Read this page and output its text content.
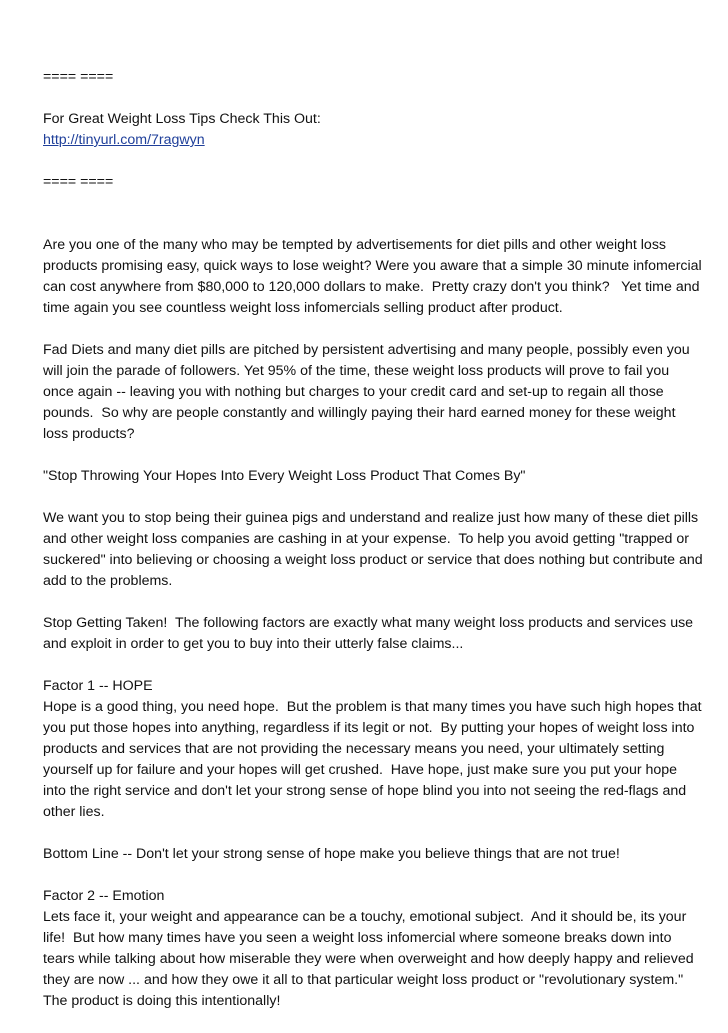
==== ====

For Great Weight Loss Tips Check This Out:

http://tinyurl.com/7ragwyn

==== ====

Are you one of the many who may be tempted by advertisements for diet pills and other weight loss products promising easy, quick ways to lose weight? Were you aware that a simple 30 minute infomercial can cost anywhere from $80,000 to 120,000 dollars to make.  Pretty crazy don't you think?   Yet time and time again you see countless weight loss infomercials selling product after product.

Fad Diets and many diet pills are pitched by persistent advertising and many people, possibly even you will join the parade of followers. Yet 95% of the time, these weight loss products will prove to fail you once again -- leaving you with nothing but charges to your credit card and set-up to regain all those pounds.  So why are people constantly and willingly paying their hard earned money for these weight loss products?

"Stop Throwing Your Hopes Into Every Weight Loss Product That Comes By"

We want you to stop being their guinea pigs and understand and realize just how many of these diet pills and other weight loss companies are cashing in at your expense.  To help you avoid getting "trapped or suckered" into believing or choosing a weight loss product or service that does nothing but contribute and add to the problems.

Stop Getting Taken!  The following factors are exactly what many weight loss products and services use and exploit in order to get you to buy into their utterly false claims...

Factor 1 -- HOPE

Hope is a good thing, you need hope.  But the problem is that many times you have such high hopes that you put those hopes into anything, regardless if its legit or not.  By putting your hopes of weight loss into products and services that are not providing the necessary means you need, your ultimately setting yourself up for failure and your hopes will get crushed.  Have hope, just make sure you put your hope into the right service and don't let your strong sense of hope blind you into not seeing the red-flags and other lies.

Bottom Line -- Don't let your strong sense of hope make you believe things that are not true!

Factor 2 -- Emotion

Lets face it, your weight and appearance can be a touchy, emotional subject.  And it should be, its your life!  But how many times have you seen a weight loss infomercial where someone breaks down into tears while talking about how miserable they were when overweight and how deeply happy and relieved they are now ... and how they owe it all to that particular weight loss product or "revolutionary system."   The product is doing this intentionally!
